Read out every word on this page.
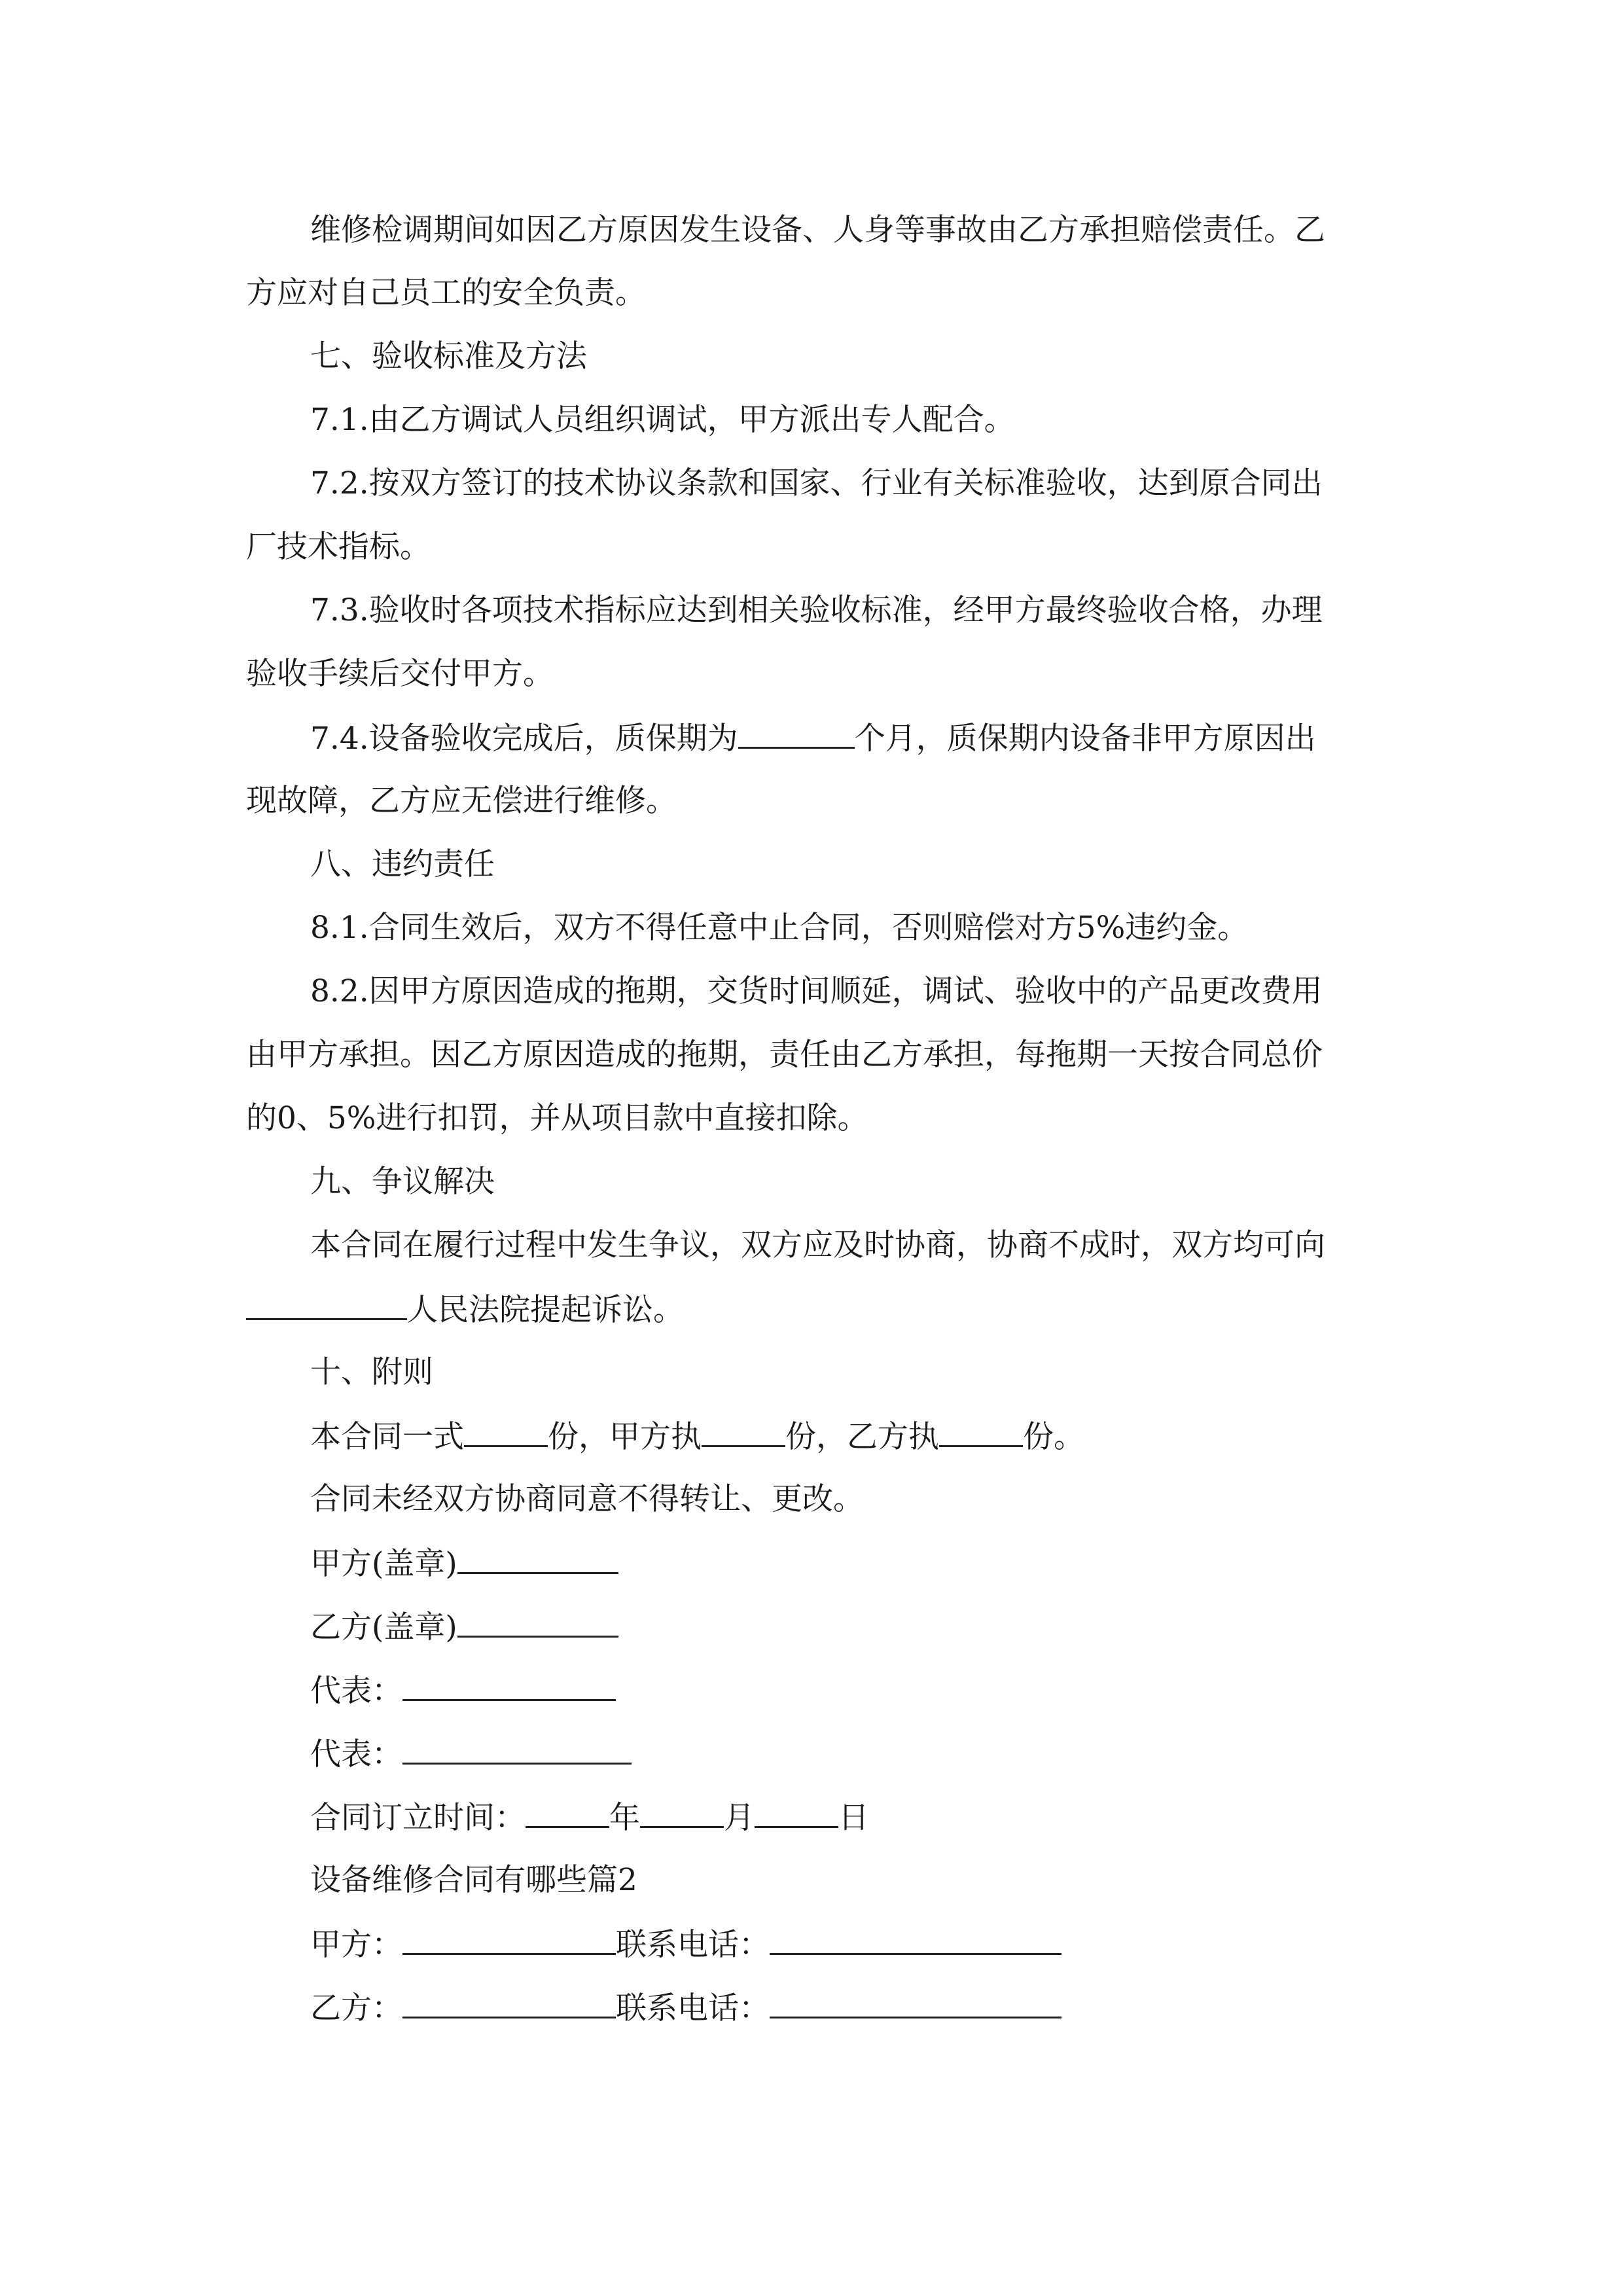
维修检调期间如因乙方原因发生设备、人身等事故由乙方承担赔偿责任。乙
方应对自己员工的安全负责。
七、验收标准及方法
7.1.由乙方调试人员组织调试，甲方派出专人配合。
7.2.按双方签订的技术协议条款和国家、行业有关标准验收，达到原合同出
厂技术指标。
7.3.验收时各项技术指标应达到相关验收标准，经甲方最终验收合格，办理
验收手续后交付甲方。
7.4.设备验收完成后，质保期为	个月，质保期内设备非甲方原因出
现故障，乙方应无偿进行维修。
八、违约责任
8.1.合同生效后，双方不得任意中止合同，否则赔偿对方5%违约金。
8.2.因甲方原因造成的拖期，交货时间顺延，调试、验收中的产品更改费用
由甲方承担。因乙方原因造成的拖期，责任由乙方承担，每拖期一天按合同总价
的0、5%进行扣罚，并从项目款中直接扣除。
九、争议解决
本合同在履行过程中发生争议，双方应及时协商，协商不成时，双方均可向
人民法院提起诉讼。
十、附则
本合同一式	份，甲方执	份，乙方执	份。
合同未经双方协商同意不得转让、更改。
甲方(盖章)
乙方(盖章)
代表：
代表：
合同订立时间：	年	月	日
设备维修合同有哪些篇2
甲方：	联系电话：
乙方：	联系电话：
